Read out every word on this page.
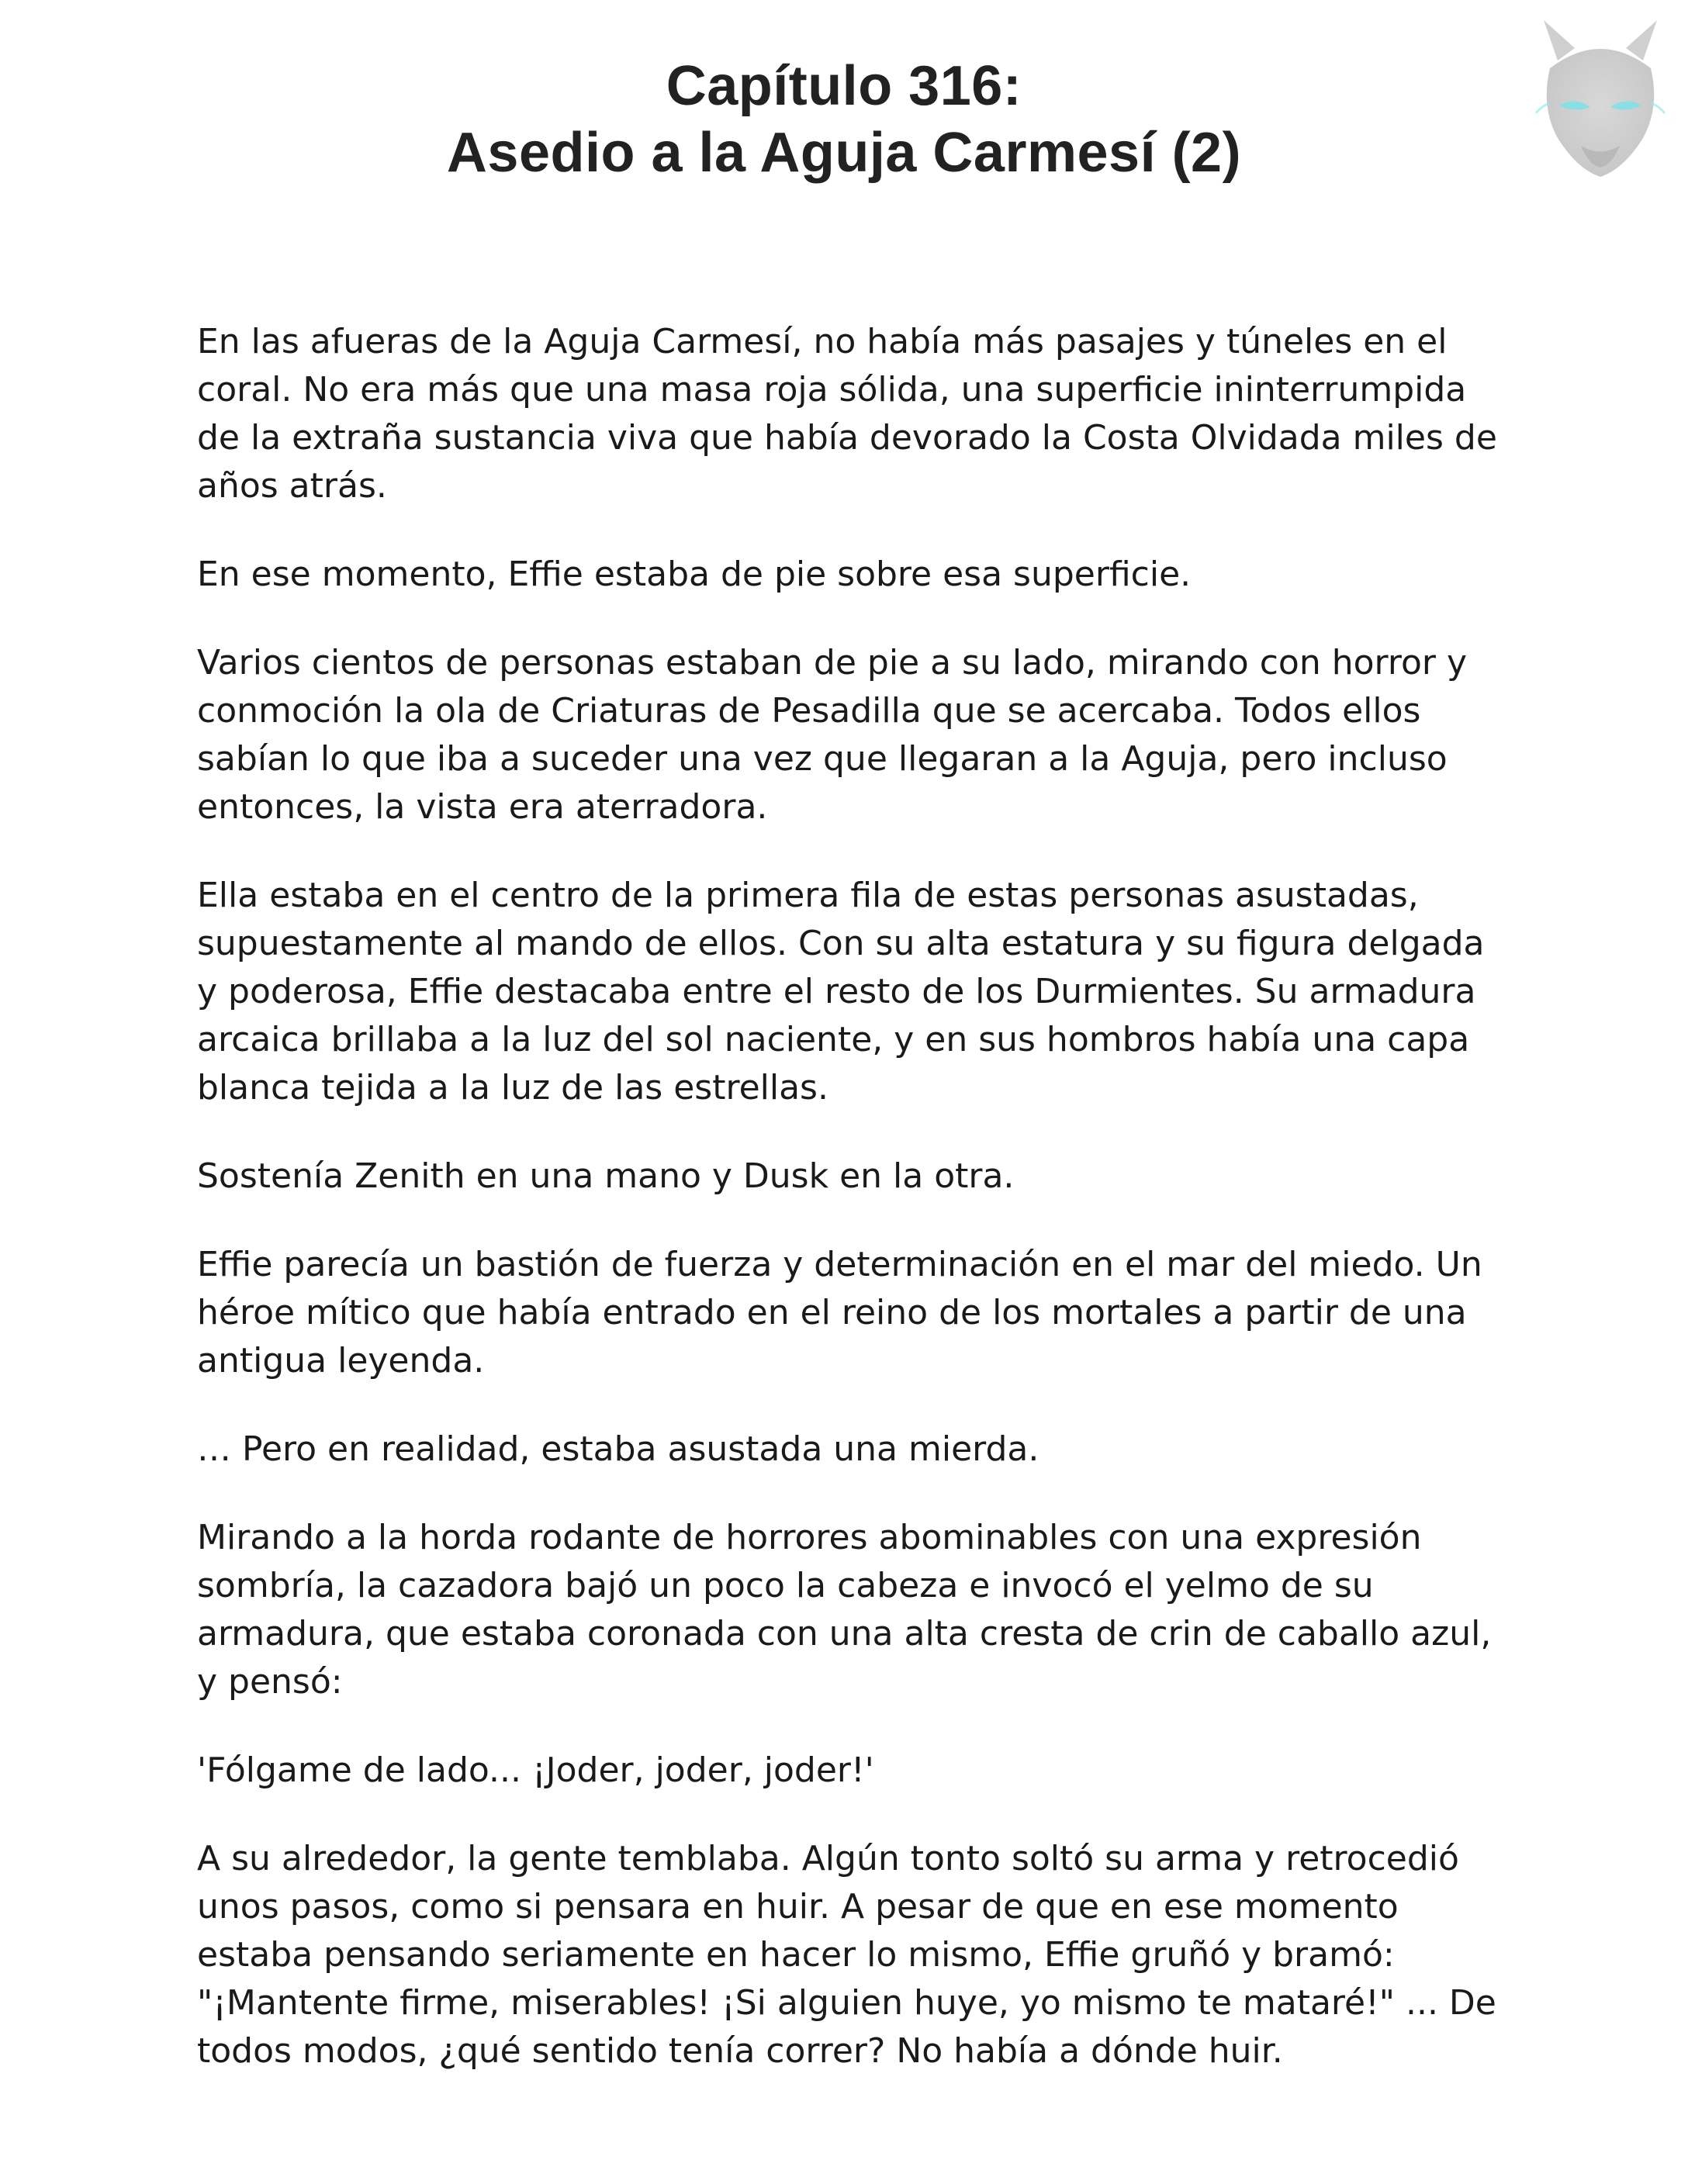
Capítulo 316:
Asedio a la Aguja Carmesí (2)

En las afueras de la Aguja Carmesí, no había más pasajes y túneles en el coral. No era más que una masa roja sólida, una superficie ininterrumpida de la extraña sustancia viva que había devorado la Costa Olvidada miles de años atrás.

En ese momento, Effie estaba de pie sobre esa superficie.

Varios cientos de personas estaban de pie a su lado, mirando con horror y conmoción la ola de Criaturas de Pesadilla que se acercaba. Todos ellos sabían lo que iba a suceder una vez que llegaran a la Aguja, pero incluso entonces, la vista era aterradora.

Ella estaba en el centro de la primera fila de estas personas asustadas, supuestamente al mando de ellos. Con su alta estatura y su figura delgada y poderosa, Effie destacaba entre el resto de los Durmientes. Su armadura arcaica brillaba a la luz del sol naciente, y en sus hombros había una capa blanca tejida a la luz de las estrellas.

Sostenía Zenith en una mano y Dusk en la otra.

Effie parecía un bastión de fuerza y determinación en el mar del miedo. Un héroe mítico que había entrado en el reino de los mortales a partir de una antigua leyenda.

… Pero en realidad, estaba asustada una mierda.

Mirando a la horda rodante de horrores abominables con una expresión sombría, la cazadora bajó un poco la cabeza e invocó el yelmo de su armadura, que estaba coronada con una alta cresta de crin de caballo azul, y pensó:

'Fólgame de lado... ¡Joder, joder, joder!'

A su alrededor, la gente temblaba. Algún tonto soltó su arma y retrocedió unos pasos, como si pensara en huir. A pesar de que en ese momento estaba pensando seriamente en hacer lo mismo, Effie gruñó y bramó: "¡Mantente firme, miserables! ¡Si alguien huye, yo mismo te mataré!" ... De todos modos, ¿qué sentido tenía correr? No había a dónde huir.
